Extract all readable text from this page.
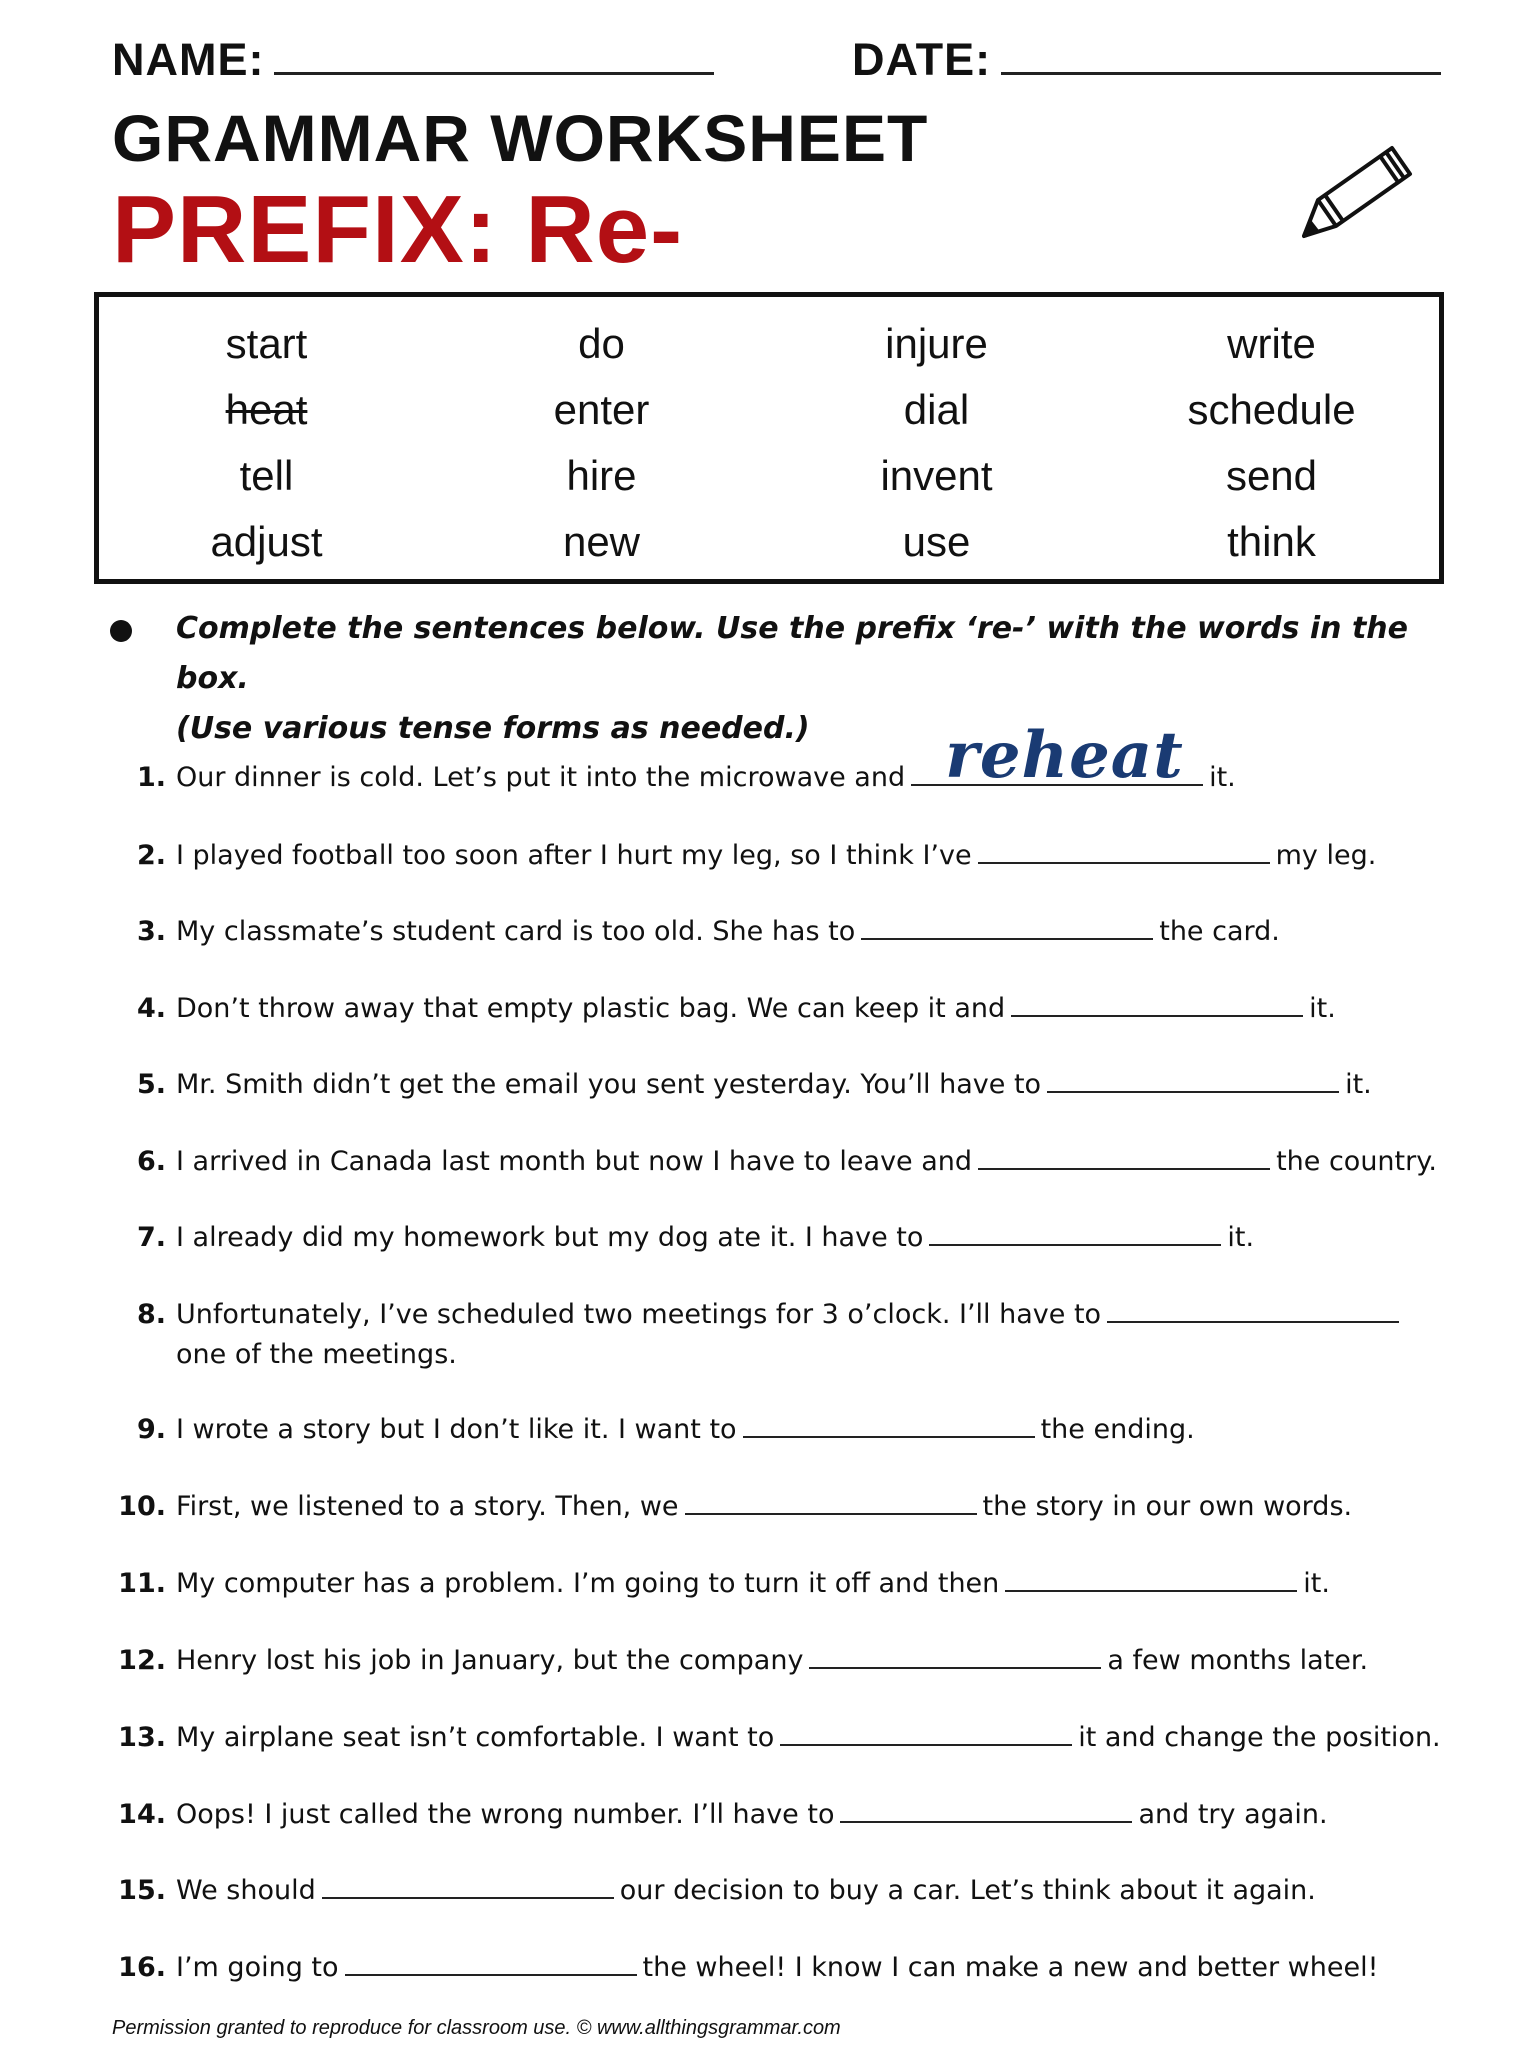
NAME:	DATE:
GRAMMAR WORKSHEET
PREFIX: Re-
start	do	injure	write
heat	enter	dial	schedule
tell	hire	invent	send
adjust	new	use	think
Complete the sentences below. Use the prefix ‘re-’ with the words in the box.
(Use various tense forms as needed.)
1. Our dinner is cold. Let’s put it into the microwave and reheat it.
2. I played football too soon after I hurt my leg, so I think I’ve	my leg.
3. My classmate’s student card is too old. She has to	the card.
4. Don’t throw away that empty plastic bag. We can keep it and	it.
5. Mr. Smith didn’t get the email you sent yesterday. You’ll have to	it.
6. I arrived in Canada last month but now I have to leave and	the country.
7. I already did my homework but my dog ate it. I have to	it.
8. Unfortunately, I’ve scheduled two meetings for 3 o’clock. I’ll have to
one of the meetings.
9. I wrote a story but I don’t like it. I want to	the ending.
10. First, we listened to a story. Then, we	the story in our own words.
11. My computer has a problem. I’m going to turn it off and then	it.
12. Henry lost his job in January, but the company	a few months later.
13. My airplane seat isn’t comfortable. I want to	it and change the position.
14. Oops! I just called the wrong number. I’ll have to	and try again.
15. We should	our decision to buy a car. Let’s think about it again.
16. I’m going to	the wheel! I know I can make a new and better wheel!
Permission granted to reproduce for classroom use. © www.allthingsgrammar.com
